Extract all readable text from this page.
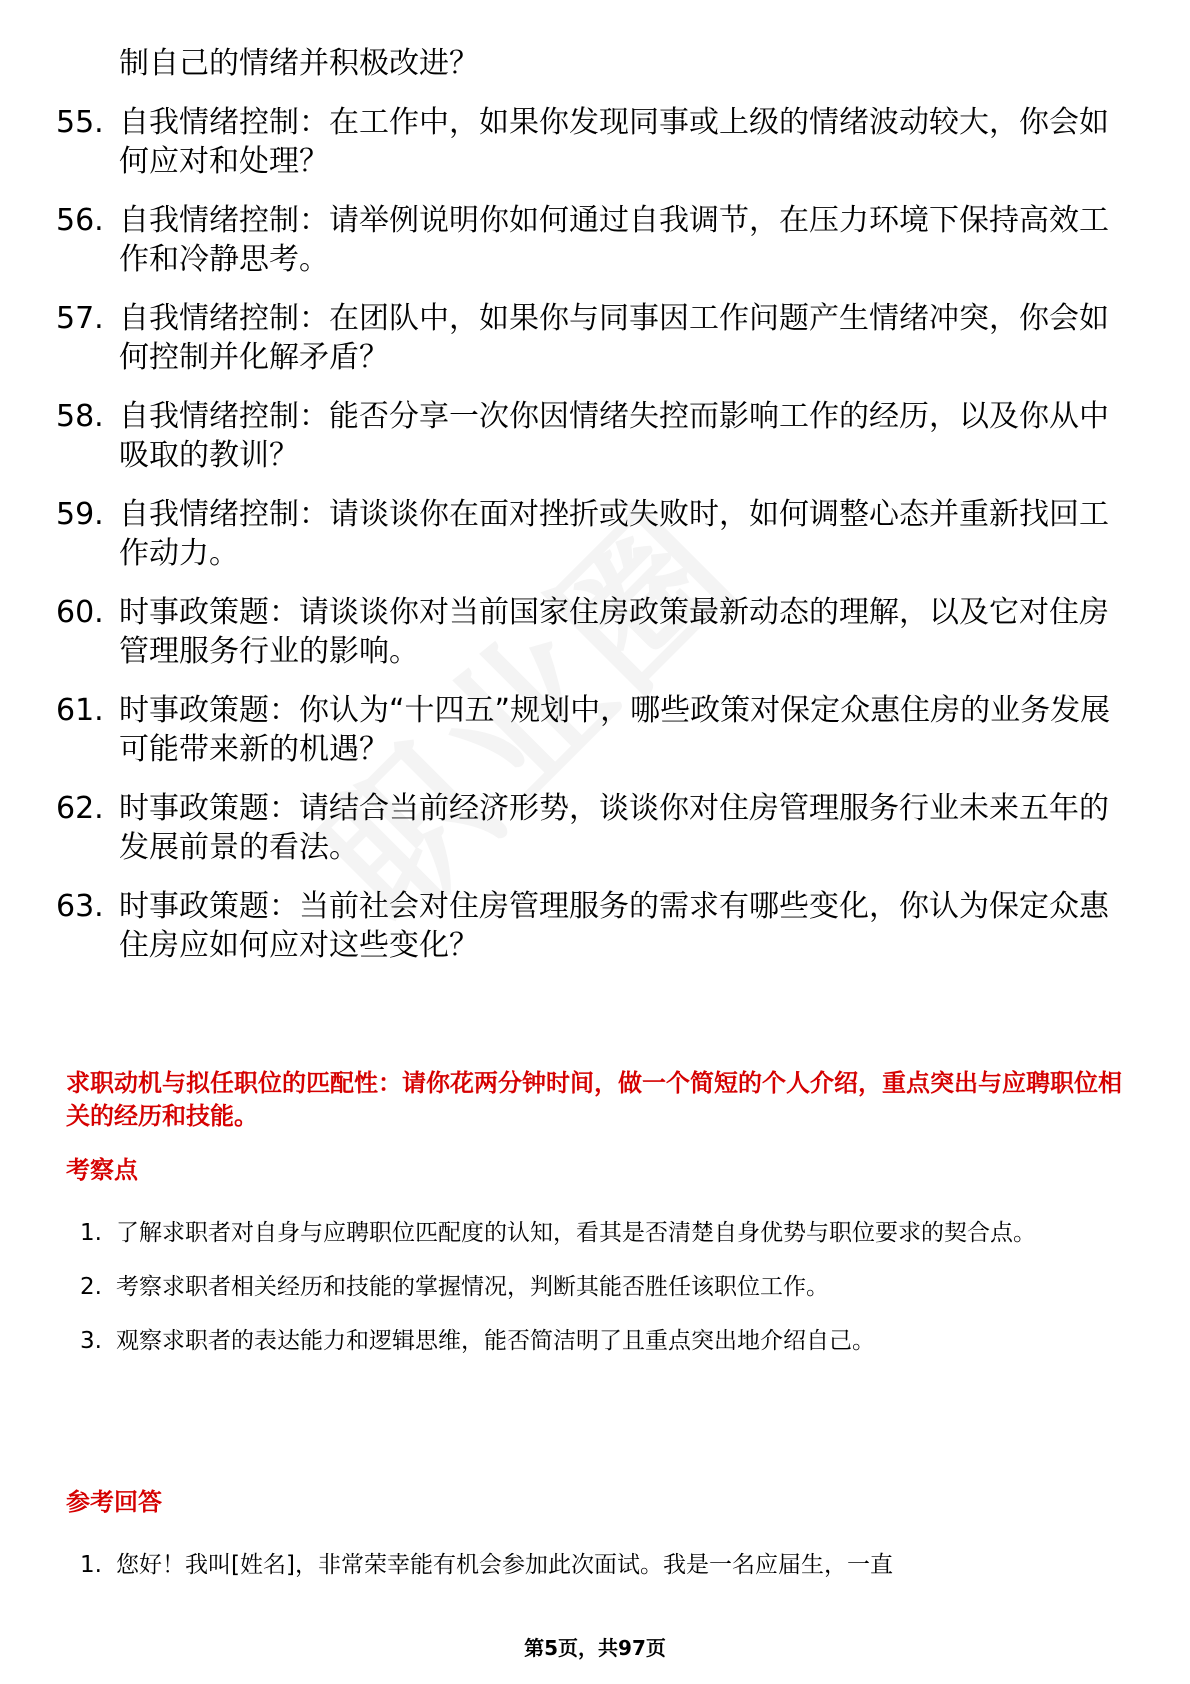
制自己的情绪并积极改进？
55. 自我情绪控制：在工作中，如果你发现同事或上级的情绪波动较大，你会如何应对和处理？
56. 自我情绪控制：请举例说明你如何通过自我调节，在压力环境下保持高效工作和冷静思考。
57. 自我情绪控制：在团队中，如果你与同事因工作问题产生情绪冲突，你会如何控制并化解矛盾？
58. 自我情绪控制：能否分享一次你因情绪失控而影响工作的经历，以及你从中吸取的教训？
59. 自我情绪控制：请谈谈你在面对挫折或失败时，如何调整心态并重新找回工作动力。
60. 时事政策题：请谈谈你对当前国家住房政策最新动态的理解，以及它对住房管理服务行业的影响。
61. 时事政策题：你认为“十四五”规划中，哪些政策对保定众惠住房的业务发展可能带来新的机遇？
62. 时事政策题：请结合当前经济形势，谈谈你对住房管理服务行业未来五年的发展前景的看法。
63. 时事政策题：当前社会对住房管理服务的需求有哪些变化，你认为保定众惠住房应如何应对这些变化？
求职动机与拟任职位的匹配性：请你花两分钟时间，做一个简短的个人介绍，重点突出与应聘职位相关的经历和技能。
考察点
1. 了解求职者对自身与应聘职位匹配度的认知，看其是否清楚自身优势与职位要求的契合点。
2. 考察求职者相关经历和技能的掌握情况，判断其能否胜任该职位工作。
3. 观察求职者的表达能力和逻辑思维，能否简洁明了且重点突出地介绍自己。
参考回答
1. 您好！我叫[姓名]，非常荣幸能有机会参加此次面试。我是一名应届生，一直
第5页，共97页
